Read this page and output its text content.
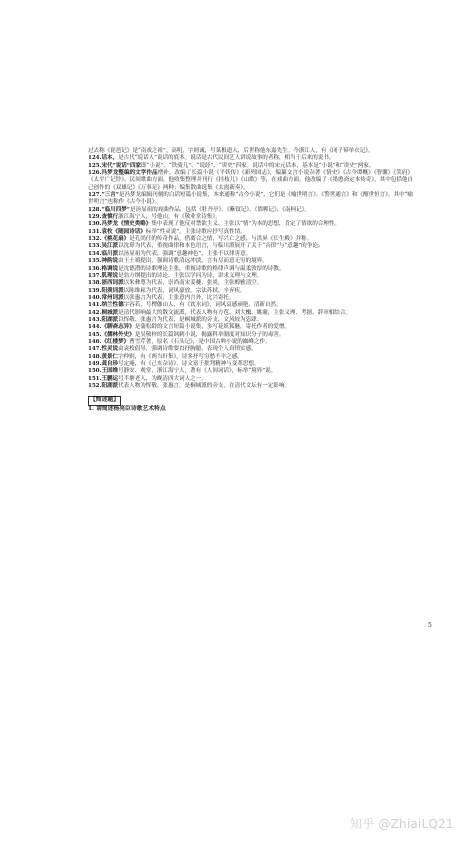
过去称《琵琶记》是“南戏之祖”。高明，字则诚，号菜根道人，后世称他东嘉先生。今浙江人，有《闭子幂单衣记》。
124.话本，是古代“说话人”说话的底本。说话是古代民间艺人讲说故事的者称，相当于后来的说书。
125.宋代“说话”四家即“小说”、“铁骑儿”、“说经”、“讲史”四家。说话中的宋元话本，基本是“小说”和“讲史”两家。
126.冯梦龙整编的文学作品增补、改编了长篇小说《平妖传》《新列国志》，编纂文言小说杂著《情史》《古今谭概》《智囊》《笑府》《太平广记钞》，民间歌曲方面，他收集整理并刊行《挂枝儿》《山歌》等，在戏曲方面，他改编了《墨憨斋定本传奇》，其中包括他自己创作的《双雄记》《万事足》两种；编集散曲选集《太霞新奏》。
127.“三言”是冯梦龙编辑刊刻的白话短篇小说集，本来通称“古今小说”，它们是《喻世明言》、《警世通言》和《醒世恒言》。其中“喻世明言”也称作《古今小说》。
128.“临川四梦”是汤显祖的戏曲作品，包括《牡丹亭》、《紫钗记》、《邯郸记》、《南柯记》。
129.查慎行浙江海宁人，号他山，有《敬业堂诗集》。
130.冯梦龙《情史类略》集中表现了他反对禁欲主义、主张以“情”为本的思想，肯定了情欲的合理性。
131.袁枚《随园诗话》标举“性灵说”，主张诗歌应抒写真性情。
132.《桃花扇》是孔尚任的传奇作品，借离合之情，写兴亡之感，与洪昇《长生殿》并称。
133.吴江派以沈璟为代表，重视曲律和本色语言，与临川派展开了关于“音律”与“意趣”的争论。
134.临川派以汤显祖为代表，强调“意趣神色”，主张不以律害意。
135.神韵说由王士禛提出，强调诗歌清远冲淡、言有尽而意无穷的境界。
136.格调说是沈德潜的诗歌理论主张，重视诗歌的格律声调与温柔敦厚的诗教。
137.肌理说是翁方纲提出的诗论，主张以学问为诗，讲求义理与文理。
138.浙西词派以朱彝尊为代表，崇尚南宋姜夔、张炎，主张醇雅清空。
139.阳羡词派以陈维崧为代表，词风豪放，宗法苏轼、辛弃疾。
140.常州词派以张惠言为代表，主张意内言外，比兴寄托。
141.纳兰性德字容若，号楞伽山人，有《饮水词》，词风哀感顽艳，清新自然。
142.桐城派是清代影响最大的散文流派，代表人物有方苞、刘大櫆、姚鼐，主张义理、考据、辞章相结合。
143.阳湖派以恽敬、张惠言为代表，是桐城派的旁支，文风较为恣肆。
144.《聊斋志异》是蒲松龄的文言短篇小说集，多写花妖狐魅，寄托作者的爱憎。
145.《儒林外史》是吴敬梓的长篇讽刺小说，揭露科举制度对知识分子的毒害。
146.《红楼梦》曹雪芹著，原名《石头记》，是中国古典小说的巅峰之作。
147.性灵说由袁枚倡导，强调诗歌要直抒胸臆，表现个人真情实感。
148.黄景仁字仲则，有《两当轩集》，诗多抒写穷愁不平之感。
149.龚自珍号定庵，有《己亥杂诗》，诗文富于批判精神与变革思想。
150.王国维号静安、观堂，浙江海宁人，著有《人间词话》，标举“境界”说。
151.王鹏运号半塘老人，为晚清四大词人之一。
152.阳湖派代表人物为恽敬、张惠言，是桐城派的旁支，在清代文坛有一定影响。
【简述题】
1. 请简述杨亮臣诗歌艺术特点
5
知乎 @ZhiaiLQ21
